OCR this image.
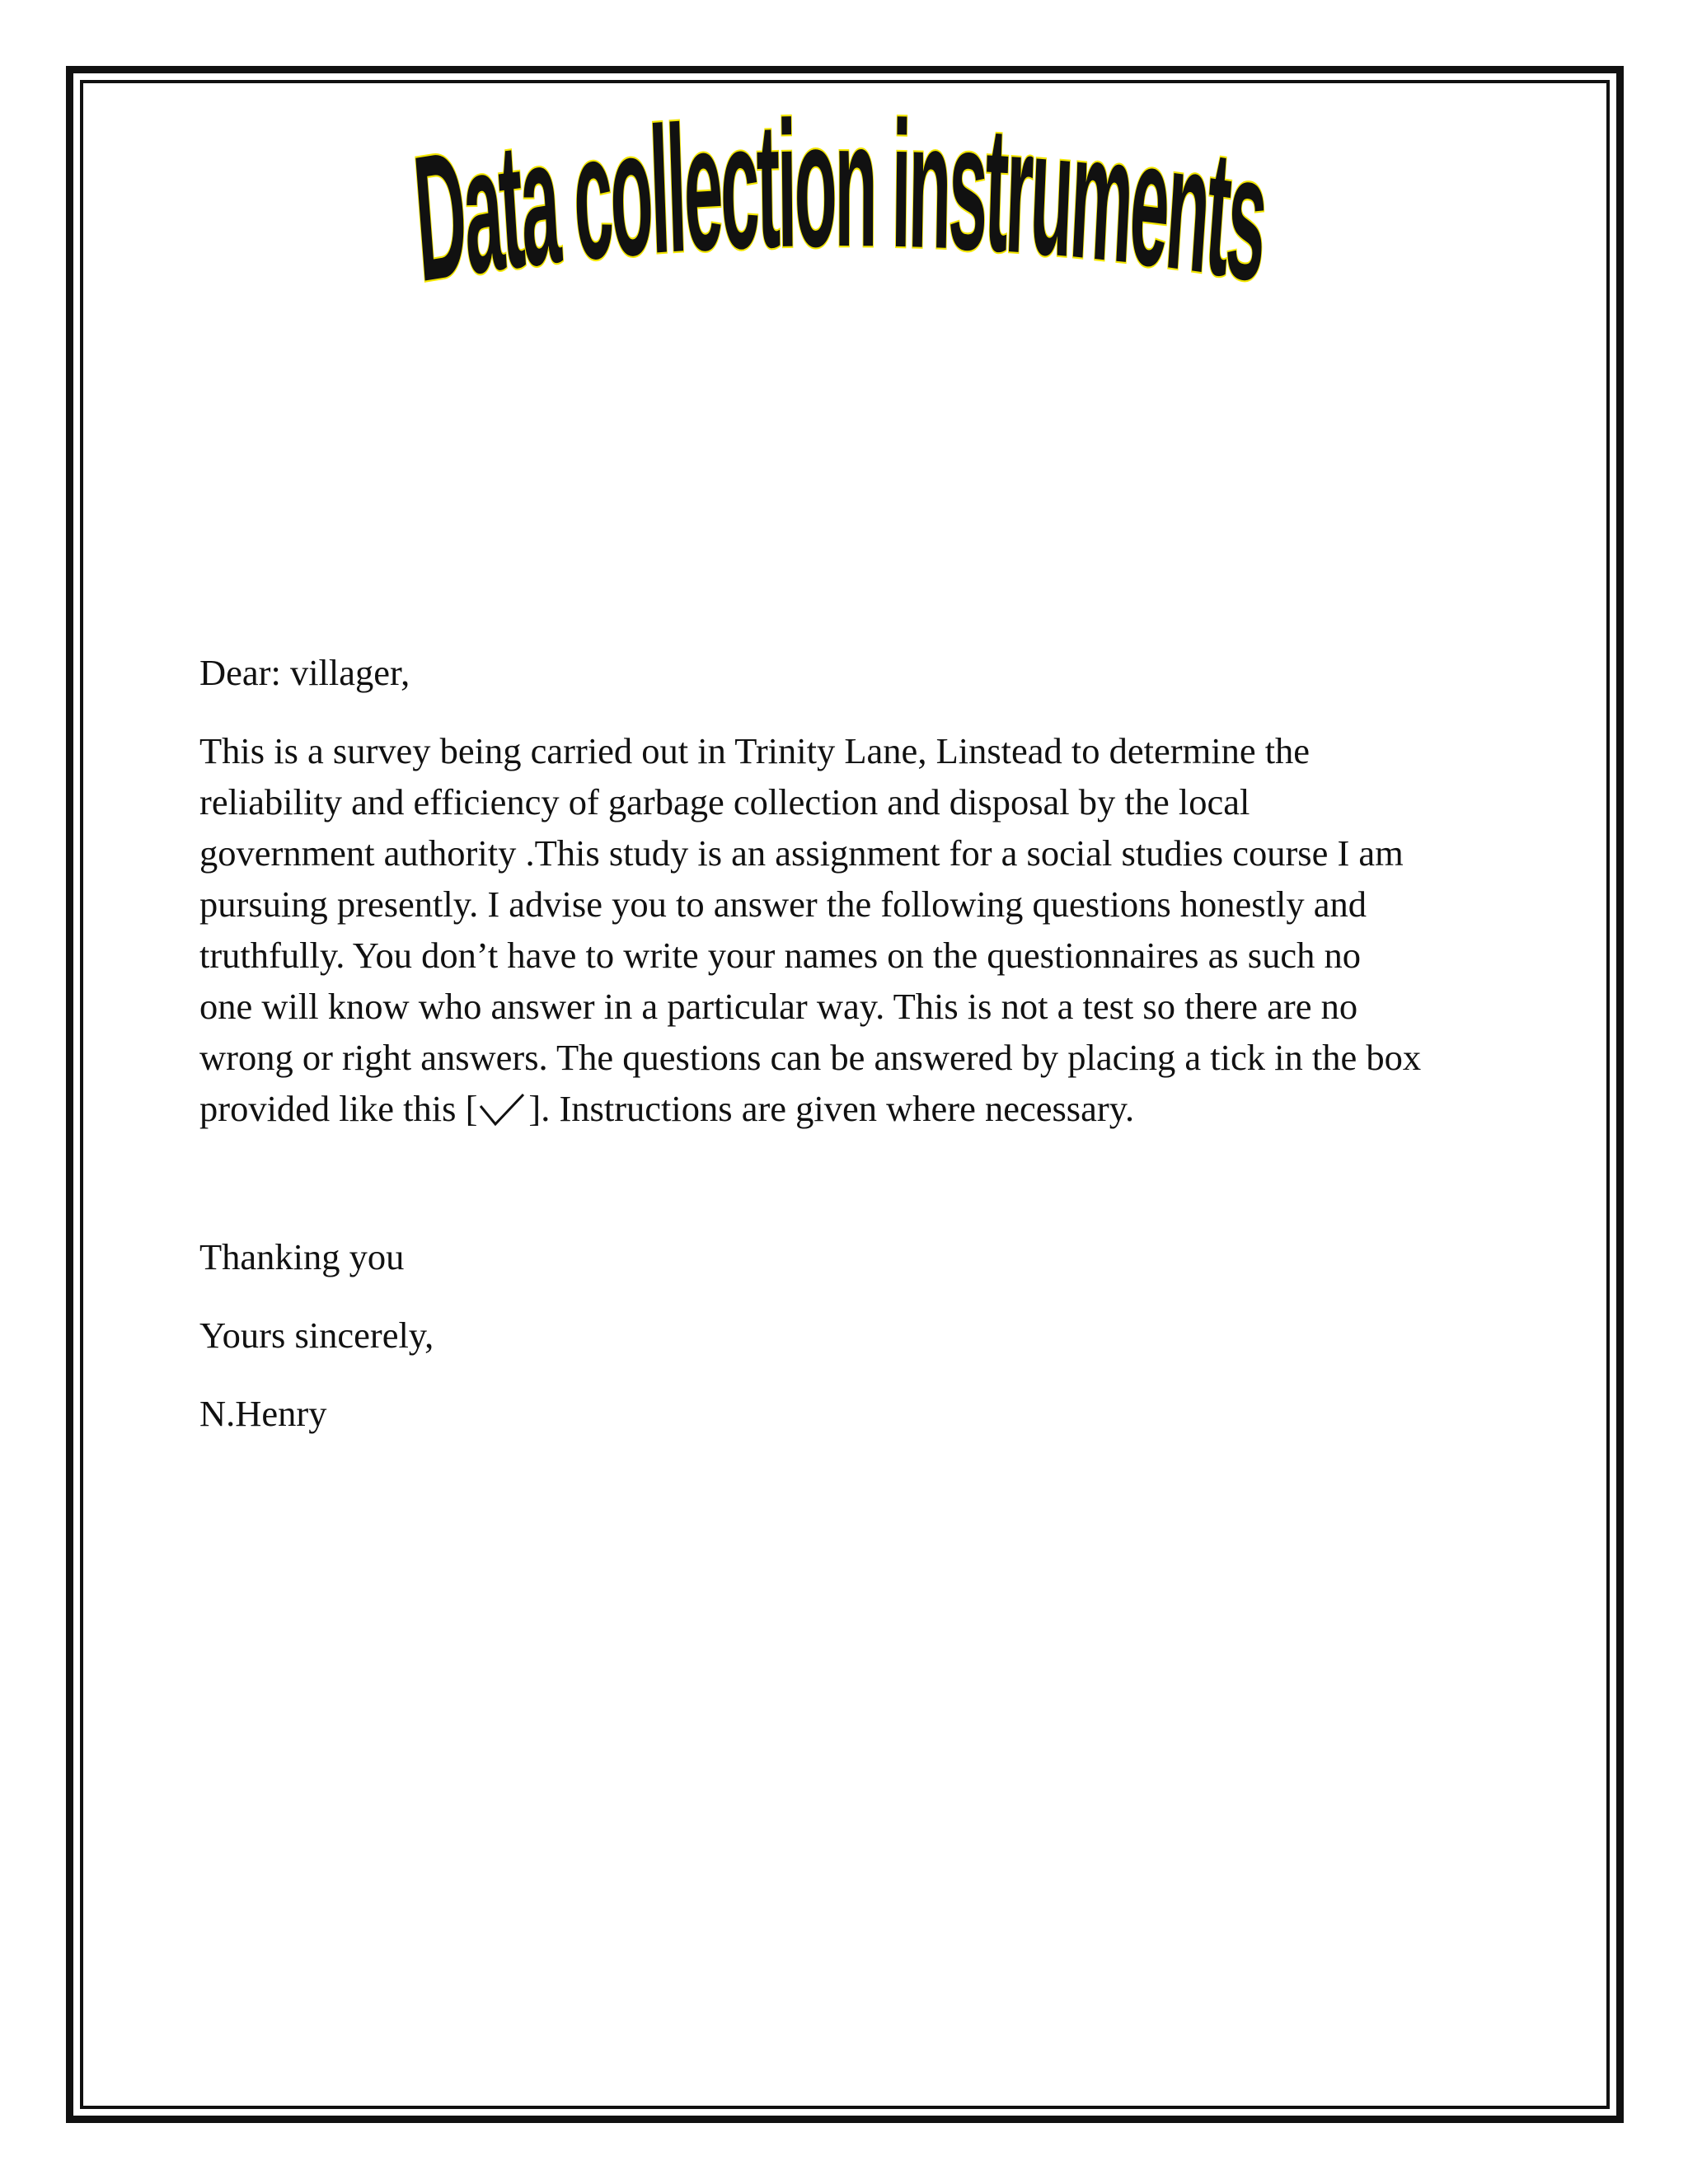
Data collection instruments
Dear: villager,
This is a survey being carried out in Trinity Lane, Linstead to determine the
reliability and efficiency of garbage collection and disposal by the local
government authority .This study is an assignment for a social studies course I am
pursuing presently. I advise you to answer the following questions honestly and
truthfully. You don’t have to write your names on the questionnaires as such no
one will know who answer in a particular way. This is not a test so there are no
wrong or right answers. The questions can be answered by placing a tick in the box
provided like this [ ]. Instructions are given where necessary.
Thanking you
Yours sincerely,
N.Henry
